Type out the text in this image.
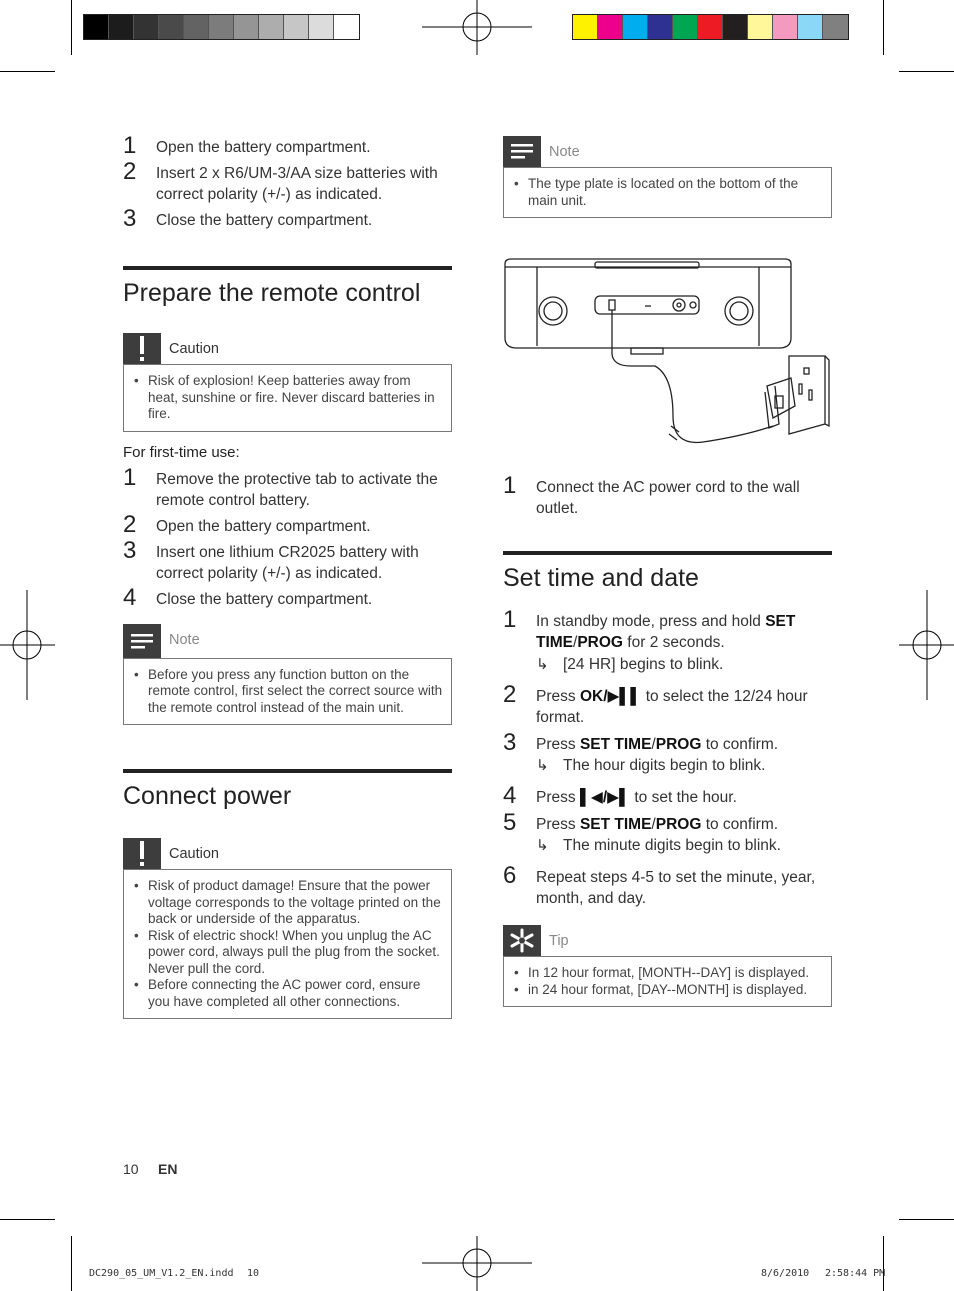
1 Open the battery compartment.
2 Insert 2 x R6/UM-3/AA size batteries with correct polarity (+/-) as indicated.
3 Close the battery compartment.
Prepare the remote control
Caution
• Risk of explosion! Keep batteries away from heat, sunshine or fire. Never discard batteries in fire.
For first-time use:
1 Remove the protective tab to activate the remote control battery.
2 Open the battery compartment.
3 Insert one lithium CR2025 battery with correct polarity (+/-) as indicated.
4 Close the battery compartment.
Note
• Before you press any function button on the remote control, first select the correct source with the remote control instead of the main unit.
Connect power
Caution
• Risk of product damage! Ensure that the power voltage corresponds to the voltage printed on the back or underside of the apparatus.
• Risk of electric shock! When you unplug the AC power cord, always pull the plug from the socket. Never pull the cord.
• Before connecting the AC power cord, ensure you have completed all other connections.
Note
• The type plate is located on the bottom of the main unit.
1 Connect the AC power cord to the wall outlet.
Set time and date
1 In standby mode, press and hold SET TIME/PROG for 2 seconds.
↳ [24 HR] begins to blink.
2 Press OK/▶▌▌ to select the 12/24 hour format.
3 Press SET TIME/PROG to confirm.
↳ The hour digits begin to blink.
4 Press ▌◀/▶▌ to set the hour.
5 Press SET TIME/PROG to confirm.
↳ The minute digits begin to blink.
6 Repeat steps 4-5 to set the minute, year, month, and day.
Tip
• In 12 hour format, [MONTH--DAY] is displayed.
• in 24 hour format, [DAY--MONTH] is displayed.
10 EN
DC290_05_UM_V1.2_EN.indd 10	8/6/2010 2:58:44 PM
